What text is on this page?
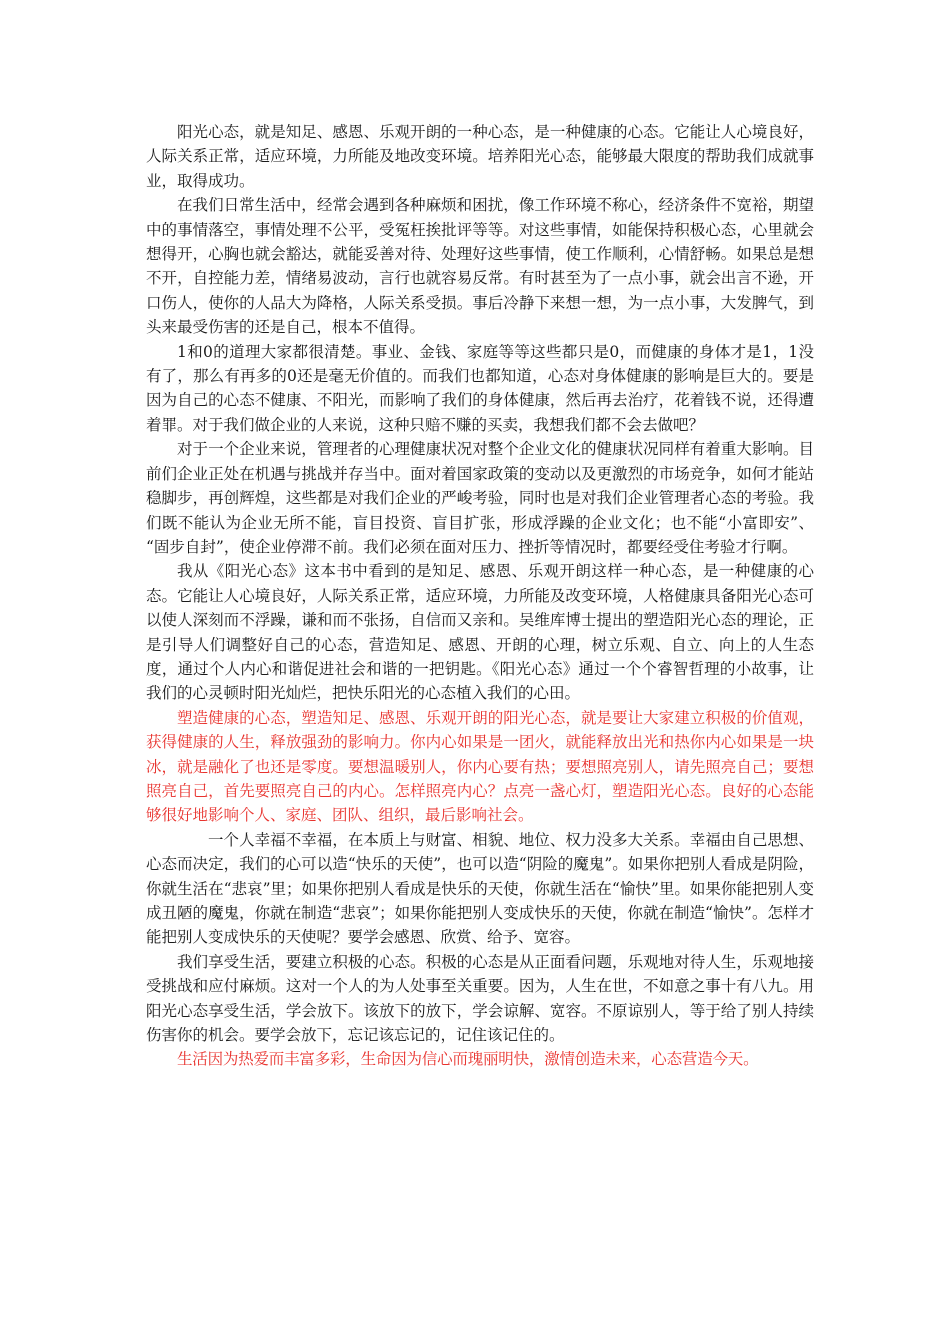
阳光心态，就是知足、感恩、乐观开朗的一种心态，是一种健康的心态。它能让人心境良好，人际关系正常，适应环境，力所能及地改变环境。培养阳光心态，能够最大限度的帮助我们成就事业，取得成功。

在我们日常生活中，经常会遇到各种麻烦和困扰，像工作环境不称心，经济条件不宽裕，期望中的事情落空，事情处理不公平，受冤枉挨批评等等。对这些事情，如能保持积极心态，心里就会想得开，心胸也就会豁达，就能妥善对待、处理好这些事情，使工作顺利，心情舒畅。如果总是想不开，自控能力差，情绪易波动，言行也就容易反常。有时甚至为了一点小事，就会出言不逊，开口伤人，使你的人品大为降格，人际关系受损。事后冷静下来想一想，为一点小事，大发脾气，到头来最受伤害的还是自己，根本不值得。

1和0的道理大家都很清楚。事业、金钱、家庭等等这些都只是0，而健康的身体才是1，1没有了，那么有再多的0还是毫无价值的。而我们也都知道，心态对身体健康的影响是巨大的。要是因为自己的心态不健康、不阳光，而影响了我们的身体健康，然后再去治疗，花着钱不说，还得遭着罪。对于我们做企业的人来说，这种只赔不赚的买卖，我想我们都不会去做吧？

对于一个企业来说，管理者的心理健康状况对整个企业文化的健康状况同样有着重大影响。目前们企业正处在机遇与挑战并存当中。面对着国家政策的变动以及更激烈的市场竞争，如何才能站稳脚步，再创辉煌，这些都是对我们企业的严峻考验，同时也是对我们企业管理者心态的考验。我们既不能认为企业无所不能，盲目投资、盲目扩张，形成浮躁的企业文化；也不能“小富即安”、 “固步自封”，使企业停滞不前。我们必须在面对压力、挫折等情况时，都要经受住考验才行啊。

我从《阳光心态》这本书中看到的是知足、感恩、乐观开朗这样一种心态，是一种健康的心态。它能让人心境良好，人际关系正常，适应环境，力所能及改变环境，人格健康具备阳光心态可以使人深刻而不浮躁，谦和而不张扬，自信而又亲和。吴维库博士提出的塑造阳光心态的理论，正是引导人们调整好自己的心态，营造知足、感恩、开朗的心理，树立乐观、自立、向上的人生态度，通过个人内心和谐促进社会和谐的一把钥匙。《阳光心态》通过一个个睿智哲理的小故事，让我们的心灵顿时阳光灿烂，把快乐阳光的心态植入我们的心田。

塑造健康的心态，塑造知足、感恩、乐观开朗的阳光心态，就是要让大家建立积极的价值观，获得健康的人生，释放强劲的影响力。你内心如果是一团火，就能释放出光和热你内心如果是一块冰，就是融化了也还是零度。要想温暖别人，你内心要有热；要想照亮别人，请先照亮自己；要想照亮自己，首先要照亮自己的内心。怎样照亮内心？点亮一盏心灯，塑造阳光心态。良好的心态能够很好地影响个人、家庭、团队、组织，最后影响社会。

一个人幸福不幸福，在本质上与财富、相貌、地位、权力没多大关系。幸福由自己思想、心态而决定，我们的心可以造“快乐的天使”，也可以造“阴险的魔鬼”。如果你把别人看成是阴险，你就生活在“悲哀”里；如果你把别人看成是快乐的天使，你就生活在“愉快”里。如果你能把别人变成丑陋的魔鬼，你就在制造“悲哀”；如果你能把别人变成快乐的天使，你就在制造“愉快”。怎样才能把别人变成快乐的天使呢？要学会感恩、欣赏、给予、宽容。

我们享受生活，要建立积极的心态。积极的心态是从正面看问题，乐观地对待人生，乐观地接受挑战和应付麻烦。这对一个人的为人处事至关重要。因为，人生在世，不如意之事十有八九。用阳光心态享受生活，学会放下。该放下的放下，学会谅解、宽容。不原谅别人，等于给了别人持续伤害你的机会。要学会放下，忘记该忘记的，记住该记住的。

生活因为热爱而丰富多彩，生命因为信心而瑰丽明快，激情创造未来，心态营造今天。
